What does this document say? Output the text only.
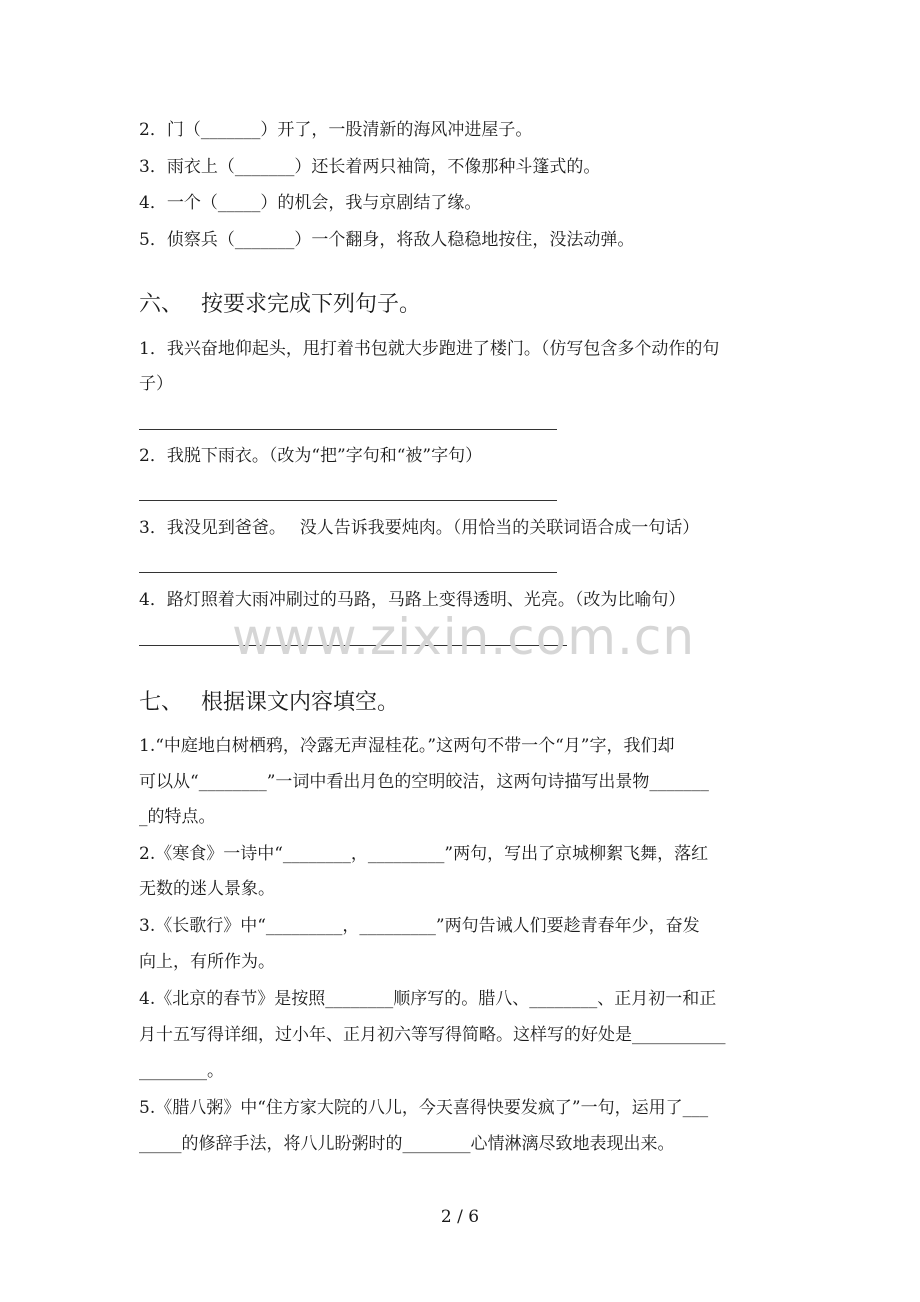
2．门（_______）开了，一股清新的海风冲进屋子。
3．雨衣上（_______）还长着两只袖筒，不像那种斗篷式的。
4．一个（_____）的机会，我与京剧结了缘。
5．侦察兵（_______）一个翻身，将敌人稳稳地按住，没法动弹。
六、 按要求完成下列句子。
1．我兴奋地仰起头，甩打着书包就大步跑进了楼门。（仿写包含多个动作的句
子）
2．我脱下雨衣。（改为“把”字句和“被”字句）
3．我没见到爸爸。　 没人告诉我要炖肉。（用恰当的关联词语合成一句话）
4．路灯照着大雨冲刷过的马路，马路上变得透明、光亮。（改为比喻句）
www.zixin.com.cn
七、 根据课文内容填空。
1.“中庭地白树栖鸦，冷露无声湿桂花。”这两句不带一个“月”字，我们却
可以从“________”一词中看出月色的空明皎洁，这两句诗描写出景物_______
_的特点。
2.《寒食》一诗中“________，_________”两句，写出了京城柳絮飞舞，落红
无数的迷人景象。
3.《长歌行》中“_________，_________”两句告诫人们要趁青春年少，奋发
向上，有所作为。
4.《北京的春节》是按照________顺序写的。腊八、________、正月初一和正
月十五写得详细，过小年、正月初六等写得简略。这样写的好处是___________
________。
5.《腊八粥》中“住方家大院的八儿，今天喜得快要发疯了”一句，运用了___
_____的修辞手法，将八儿盼粥时的________心情淋漓尽致地表现出来。
2 / 6
